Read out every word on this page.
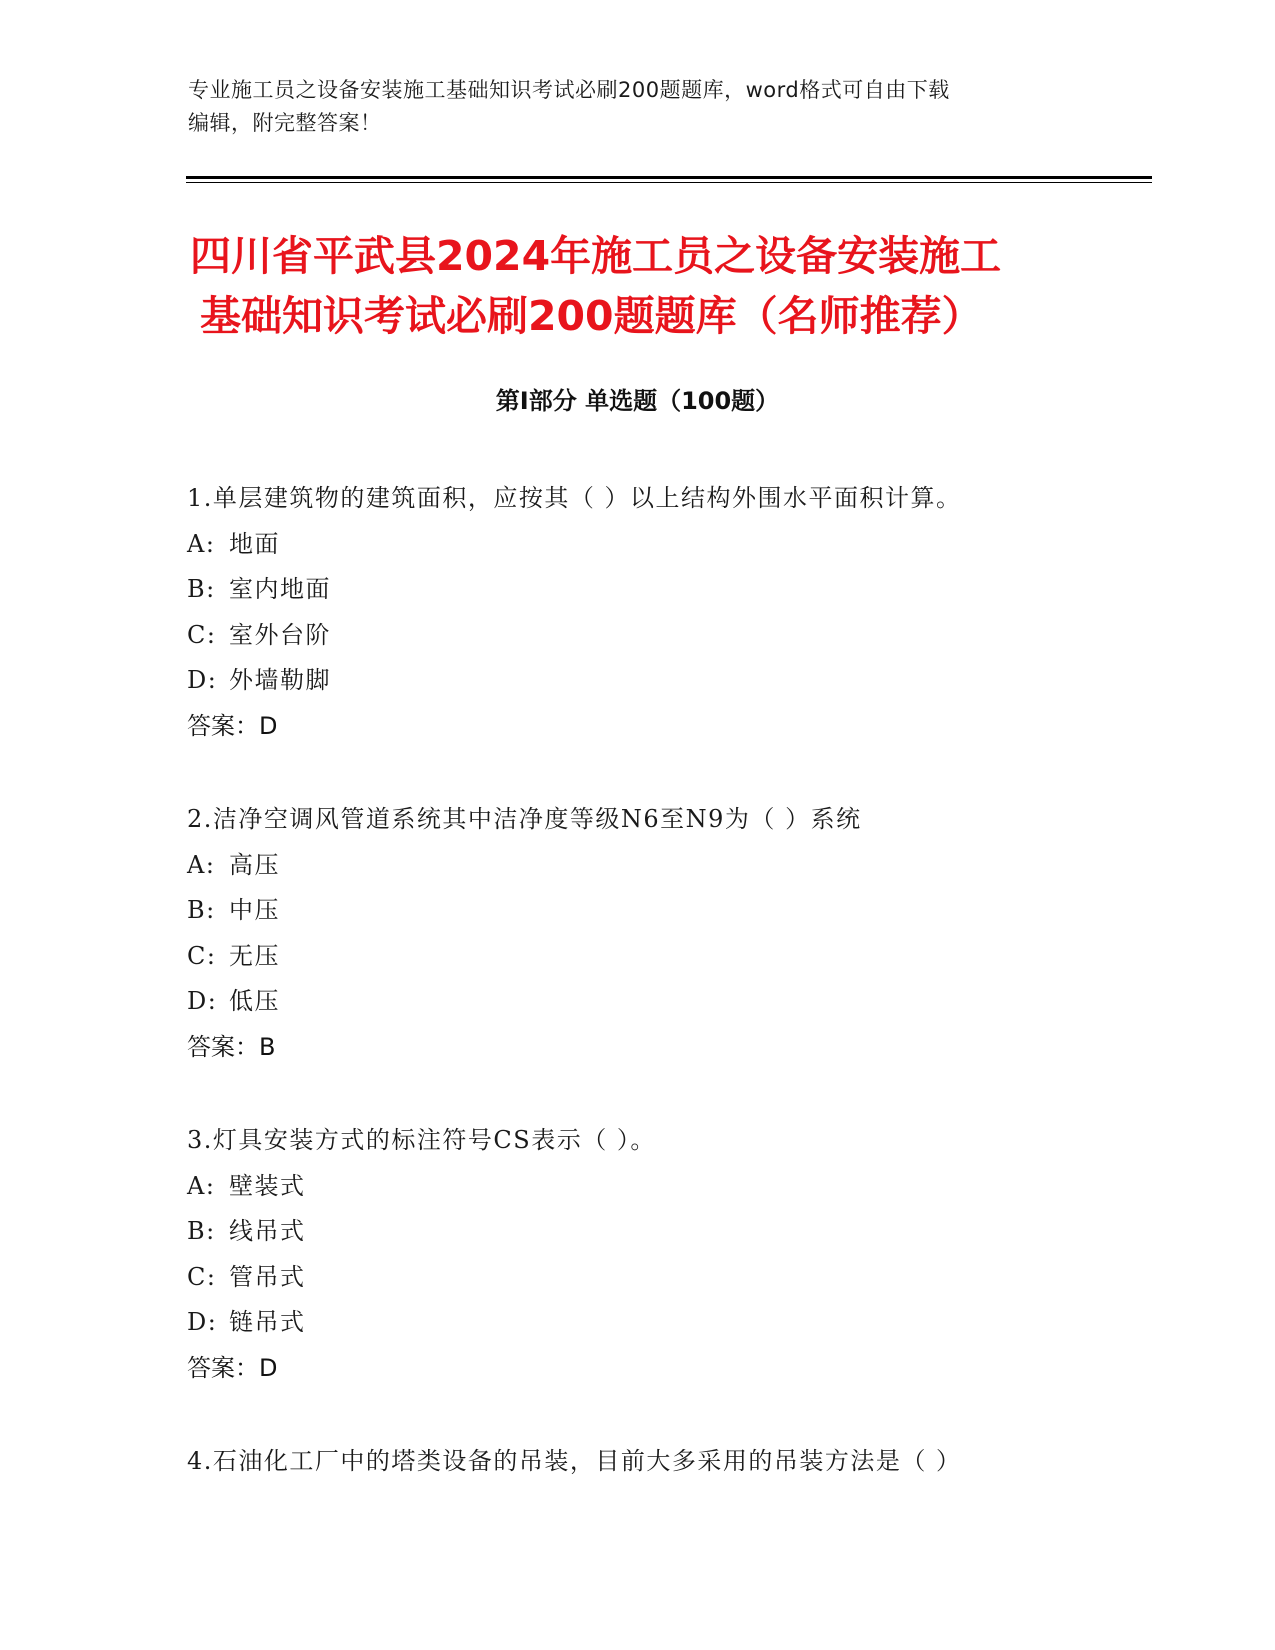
专业施工员之设备安装施工基础知识考试必刷200题题库，word格式可自由下载
编辑，附完整答案！
四川省平武县2024年施工员之设备安装施工
基础知识考试必刷200题题库（名师推荐）
第Ⅰ部分 单选题（100题）
1.单层建筑物的建筑面积，应按其（ ）以上结构外围水平面积计算。
A: 地面
B: 室内地面
C: 室外台阶
D: 外墙勒脚
答案：D
2.洁净空调风管道系统其中洁净度等级N6至N9为（ ）系统
A: 高压
B: 中压
C: 无压
D: 低压
答案：B
3.灯具安装方式的标注符号CS表示（ ）。
A: 壁装式
B: 线吊式
C: 管吊式
D: 链吊式
答案：D
4.石油化工厂中的塔类设备的吊装，目前大多采用的吊装方法是（ ）
